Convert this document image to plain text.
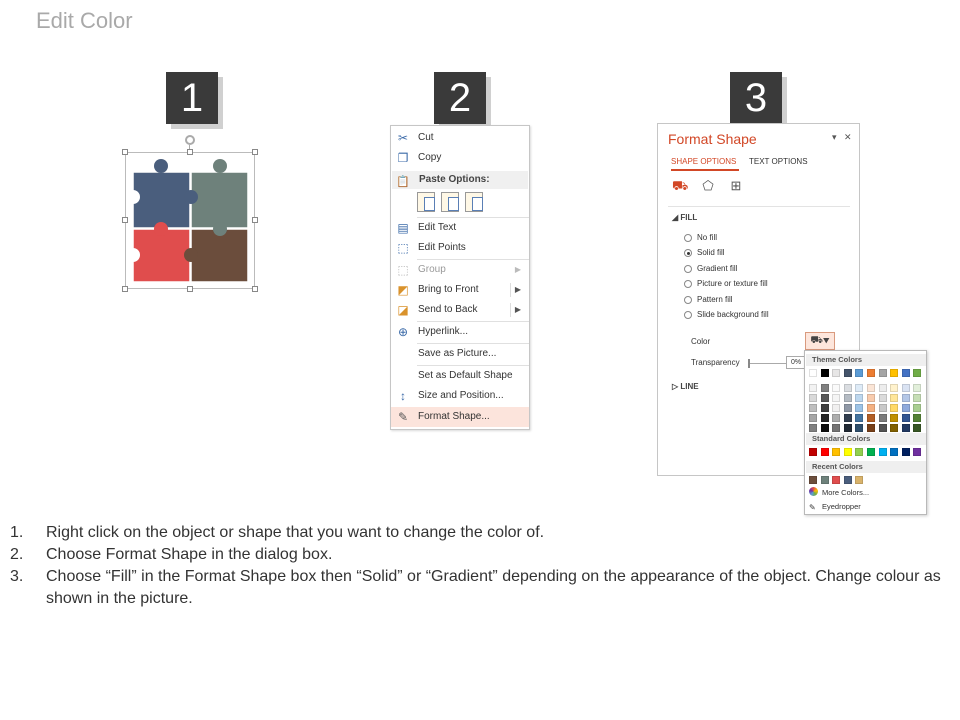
Edit Color
1	2	3
✂ Cut
❐ Copy
📋 Paste Options:
▤ Edit Text
⬚ Edit Points
⬚ Group	▶
◩ Bring to Front	▶
◪ Send to Back	▶
⊕ Hyperlink...
Save as Picture...
Set as Default Shape
↕	Size and Position...
✎ Format Shape...
Format Shape	▾ ✕
SHAPE OPTIONS TEXT OPTIONS
⛟ ⬠ ⊞
◢ FILL
No fill
Solid fill
Gradient fill
Picture or texture fill
Pattern fill
Slide background fill
Color	⛟▾
Transparency	0%
▷ LINE
Theme Colors
Standard Colors
Recent Colors
More Colors...
✎ Eyedropper
1. Right click on the object or shape that you want to change the color of.
2. Choose Format Shape in the dialog box.
3. Choose “Fill” in the Format Shape box then “Solid” or “Gradient” depending on the appearance of the object. Change colour as shown in the picture.
